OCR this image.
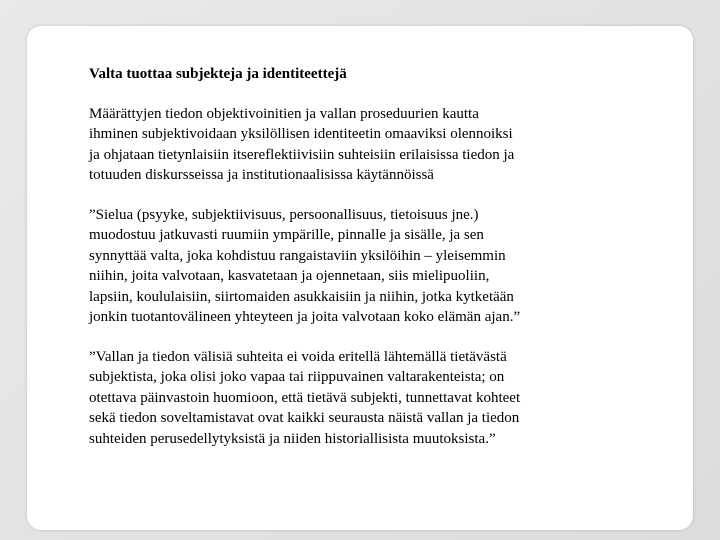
Valta tuottaa subjekteja ja identiteettejä
Määrättyjen tiedon objektivoinitien ja vallan proseduurien kautta
ihminen subjektivoidaan yksilöllisen identiteetin omaaviksi olennoiksi
ja ohjataan tietynlaisiin itsereflektiivisiin suhteisiin erilaisissa tiedon ja
totuuden diskursseissa ja institutionaalisissa käytännöissä
”Sielua (psyyke, subjektiivisuus, persoonallisuus, tietoisuus jne.)
muodostuu jatkuvasti ruumiin ympärille, pinnalle ja sisälle, ja sen
synnyttää valta, joka kohdistuu rangaistaviin yksilöihin – yleisemmin
niihin, joita valvotaan, kasvatetaan ja ojennetaan, siis mielipuoliin,
lapsiin, koululaisiin, siirtomaiden asukkaisiin ja niihin, jotka kytketään
jonkin tuotantovälineen yhteyteen ja joita valvotaan koko elämän ajan.”
”Vallan ja tiedon välisiä suhteita ei voida eritellä lähtemällä tietävästä
subjektista, joka olisi joko vapaa tai riippuvainen valtarakenteista; on
otettava päinvastoin huomioon, että tietävä subjekti, tunnettavat kohteet
sekä tiedon soveltamistavat ovat kaikki seurausta näistä vallan ja tiedon
suhteiden perusedellytyksistä ja niiden historiallisista muutoksista.”
